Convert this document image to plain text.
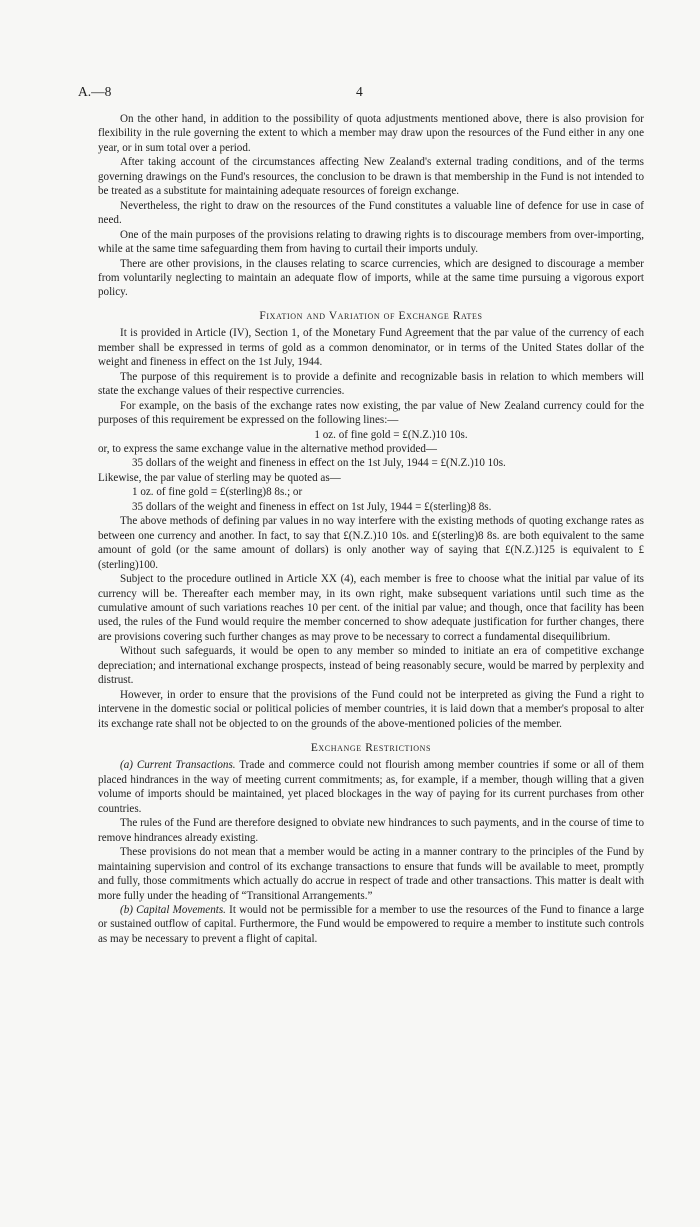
A.—8	4

On the other hand, in addition to the possibility of quota adjustments mentioned above, there is also provision for flexibility in the rule governing the extent to which a member may draw upon the resources of the Fund either in any one year, or in sum total over a period.

After taking account of the circumstances affecting New Zealand's external trading conditions, and of the terms governing drawings on the Fund's resources, the conclusion to be drawn is that membership in the Fund is not intended to be treated as a substitute for maintaining adequate resources of foreign exchange.

Nevertheless, the right to draw on the resources of the Fund constitutes a valuable line of defence for use in case of need.

One of the main purposes of the provisions relating to drawing rights is to discourage members from over-importing, while at the same time safeguarding them from having to curtail their imports unduly.

There are other provisions, in the clauses relating to scarce currencies, which are designed to discourage a member from voluntarily neglecting to maintain an adequate flow of imports, while at the same time pursuing a vigorous export policy.

Fixation and Variation of Exchange Rates

It is provided in Article (IV), Section 1, of the Monetary Fund Agreement that the par value of the currency of each member shall be expressed in terms of gold as a common denominator, or in terms of the United States dollar of the weight and fineness in effect on the 1st July, 1944.

The purpose of this requirement is to provide a definite and recognizable basis in relation to which members will state the exchange values of their respective currencies.

For example, on the basis of the exchange rates now existing, the par value of New Zealand currency could for the purposes of this requirement be expressed on the following lines:—

1 oz. of fine gold = £(N.Z.)10 10s.

or, to express the same exchange value in the alternative method provided—

35 dollars of the weight and fineness in effect on the 1st July, 1944 = £(N.Z.)10 10s.

Likewise, the par value of sterling may be quoted as—

1 oz. of fine gold = £(sterling)8 8s.; or

35 dollars of the weight and fineness in effect on 1st July, 1944 = £(sterling)8 8s.

The above methods of defining par values in no way interfere with the existing methods of quoting exchange rates as between one currency and another. In fact, to say that £(N.Z.)10 10s. and £(sterling)8 8s. are both equivalent to the same amount of gold (or the same amount of dollars) is only another way of saying that £(N.Z.)125 is equivalent to £(sterling)100.

Subject to the procedure outlined in Article XX (4), each member is free to choose what the initial par value of its currency will be. Thereafter each member may, in its own right, make subsequent variations until such time as the cumulative amount of such variations reaches 10 per cent. of the initial par value; and though, once that facility has been used, the rules of the Fund would require the member concerned to show adequate justification for further changes, there are provisions covering such further changes as may prove to be necessary to correct a fundamental disequilibrium.

Without such safeguards, it would be open to any member so minded to initiate an era of competitive exchange depreciation; and international exchange prospects, instead of being reasonably secure, would be marred by perplexity and distrust.

However, in order to ensure that the provisions of the Fund could not be interpreted as giving the Fund a right to intervene in the domestic social or political policies of member countries, it is laid down that a member's proposal to alter its exchange rate shall not be objected to on the grounds of the above-mentioned policies of the member.

Exchange Restrictions

(a) Current Transactions. Trade and commerce could not flourish among member countries if some or all of them placed hindrances in the way of meeting current commitments; as, for example, if a member, though willing that a given volume of imports should be maintained, yet placed blockages in the way of paying for its current purchases from other countries.

The rules of the Fund are therefore designed to obviate new hindrances to such payments, and in the course of time to remove hindrances already existing.

These provisions do not mean that a member would be acting in a manner contrary to the principles of the Fund by maintaining supervision and control of its exchange transactions to ensure that funds will be available to meet, promptly and fully, those commitments which actually do accrue in respect of trade and other transactions. This matter is dealt with more fully under the heading of “Transitional Arrangements.”

(b) Capital Movements. It would not be permissible for a member to use the resources of the Fund to finance a large or sustained outflow of capital. Furthermore, the Fund would be empowered to require a member to institute such controls as may be necessary to prevent a flight of capital.
